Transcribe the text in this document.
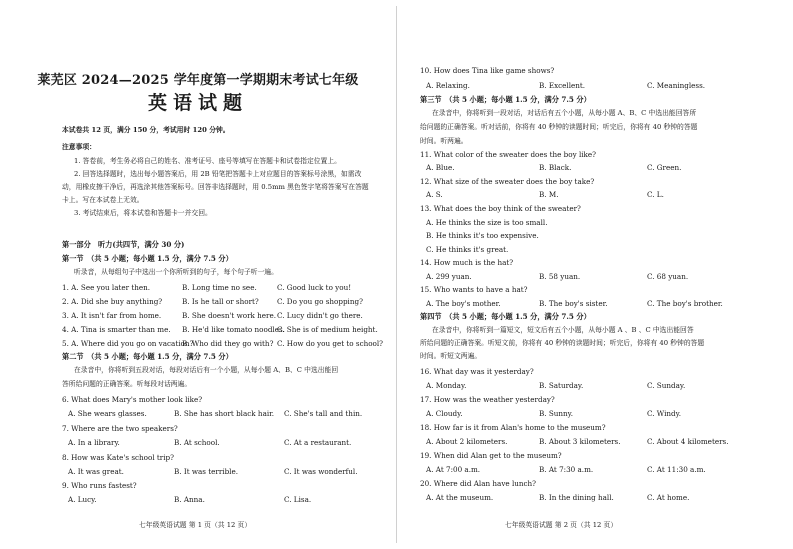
莱芜区 2024—2025 学年度第一学期期末考试七年级
英语试题
本试卷共 12 页，满分 150 分，考试用时 120 分钟。
注意事项：
1. 答卷前，考生务必将自己的姓名、准考证号、座号等填写在答题卡和试卷指定位置上。
2. 回答选择题时，选出每小题答案后，用 2B 铅笔把答题卡上对应题目的答案标号涂黑，如需改动，用橡皮擦干净后，再选涂其他答案标号。回答非选择题时，用 0.5mm 黑色签字笔将答案写在答题卡上。写在本试卷上无效。
3. 考试结束后，将本试卷和答题卡一并交回。
第一部分　听力(共四节，满分 30 分)
第一节　（共 5 小题；每小题 1.5 分，满分 7.5 分）
听录音，从每组句子中选出一个你所听到的句子，每个句子听一遍。
1. A. See you later then.	B. Long time no see.	C. Good luck to you!
2. A. Did she buy anything?	B. Is he tall or short?	C. Do you go shopping?
3. A. It isn't far from home.	B. She doesn't work here. C. Lucy didn't go there.
4. A. Tina is smarter than me. B. He'd like tomato noodles.
C. She is of medium height.
5. A. Where did you go on vacation?
B. Who did they go with? C. How do you get to school?
第二节　（共 5 小题；每小题 1.5 分，满分 7.5 分）
在录音中，你将听到五段对话，每段对话后有一个小题，从每小题 A、B、C 中选出能回
答所给问题的正确答案。听每段对话两遍。
6. What does Mary's mother look like?
A. She wears glasses.	B. She has short black hair. C. She's tall and thin.
7. Where are the two speakers?
A. In a library.	B. At school.	C. At a restaurant.
8. How was Kate's school trip?
A. It was great.	B. It was terrible.	C. It was wonderful.
9. Who runs fastest?
A. Lucy.	B. Anna.	C. Lisa.
七年级英语试题 第 1 页（共 12 页）
10. How does Tina like game shows?
A. Relaxing.	B. Excellent.	C. Meaningless.
第三节　（共 5 小题；每小题 1.5 分，满分 7.5 分）
在录音中，你将听到一段对话，对话后有五个小题，从每小题 A、B、C 中选出能回答所
给问题的正确答案。听对话前，你将有 40 秒钟的读题时间；听完后，你将有 40 秒钟的答题
时间。听两遍。
11. What color of the sweater does the boy like?
A. Blue.	B. Black.	C. Green.
12. What size of the sweater does the boy take?
A. S.	B. M.	C. L.
13. What does the boy think of the sweater?
A. He thinks the size is too small.
B. He thinks it's too expensive.
C. He thinks it's great.
14. How much is the hat?
A. 299 yuan.	B. 58 yuan.	C. 68 yuan.
15. Who wants to have a hat?
A. The boy's mother.	B. The boy's sister.	C. The boy's brother.
第四节　（共 5 小题；每小题 1.5 分，满分 7.5 分）
在录音中，你将听到一篇短文，短文后有五个小题，从每小题 A 、B 、C 中选出能回答
所给问题的正确答案。听短文前，你将有 40 秒钟的读题时间；听完后，你将有 40 秒钟的答题
时间。听短文两遍。
16. What day was it yesterday?
A. Monday.	B. Saturday.	C. Sunday.
17. How was the weather yesterday?
A. Cloudy.	B. Sunny.	C. Windy.
18. How far is it from Alan's home to the museum?
A. About 2 kilometers.	B. About 3 kilometers.	C. About 4 kilometers.
19. When did Alan get to the museum?
A. At 7:00 a.m.	B. At 7:30 a.m.	C. At 11:30 a.m.
20. Where did Alan have lunch?
A. At the museum.	B. In the dining hall.	C. At home.
七年级英语试题 第 2 页（共 12 页）
